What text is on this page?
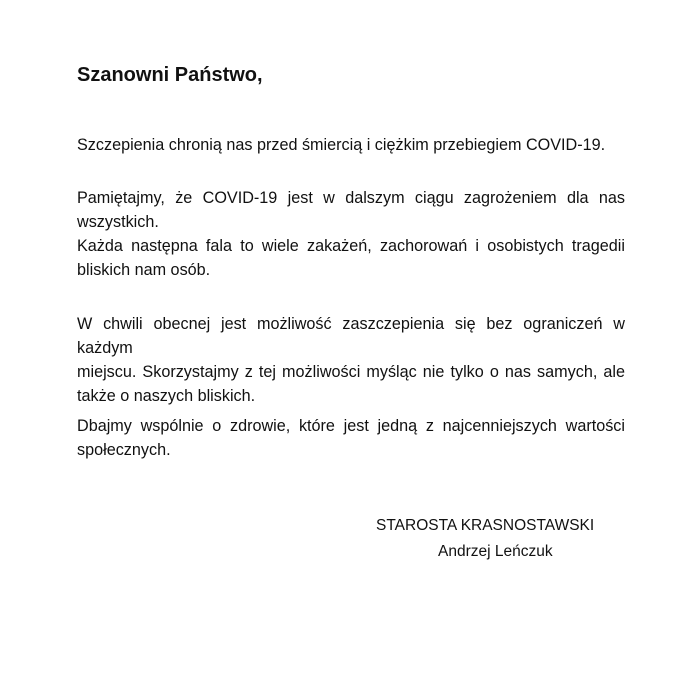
Szanowni Państwo,

Szczepienia chronią nas przed śmiercią i ciężkim przebiegiem COVID-19.

Pamiętajmy, że COVID-19 jest w dalszym ciągu zagrożeniem dla nas
wszystkich.
Każda następna fala to wiele zakażeń, zachorowań i osobistych tragedii
bliskich nam osób.

W chwili obecnej jest możliwość zaszczepienia się bez ograniczeń w każdym
miejscu. Skorzystajmy z tej możliwości myśląc nie tylko o nas samych, ale
także o naszych bliskich.

Dbajmy wspólnie o zdrowie, które jest jedną z najcenniejszych wartości
społecznych.

STAROSTA KRASNOSTAWSKI
Andrzej Leńczuk
